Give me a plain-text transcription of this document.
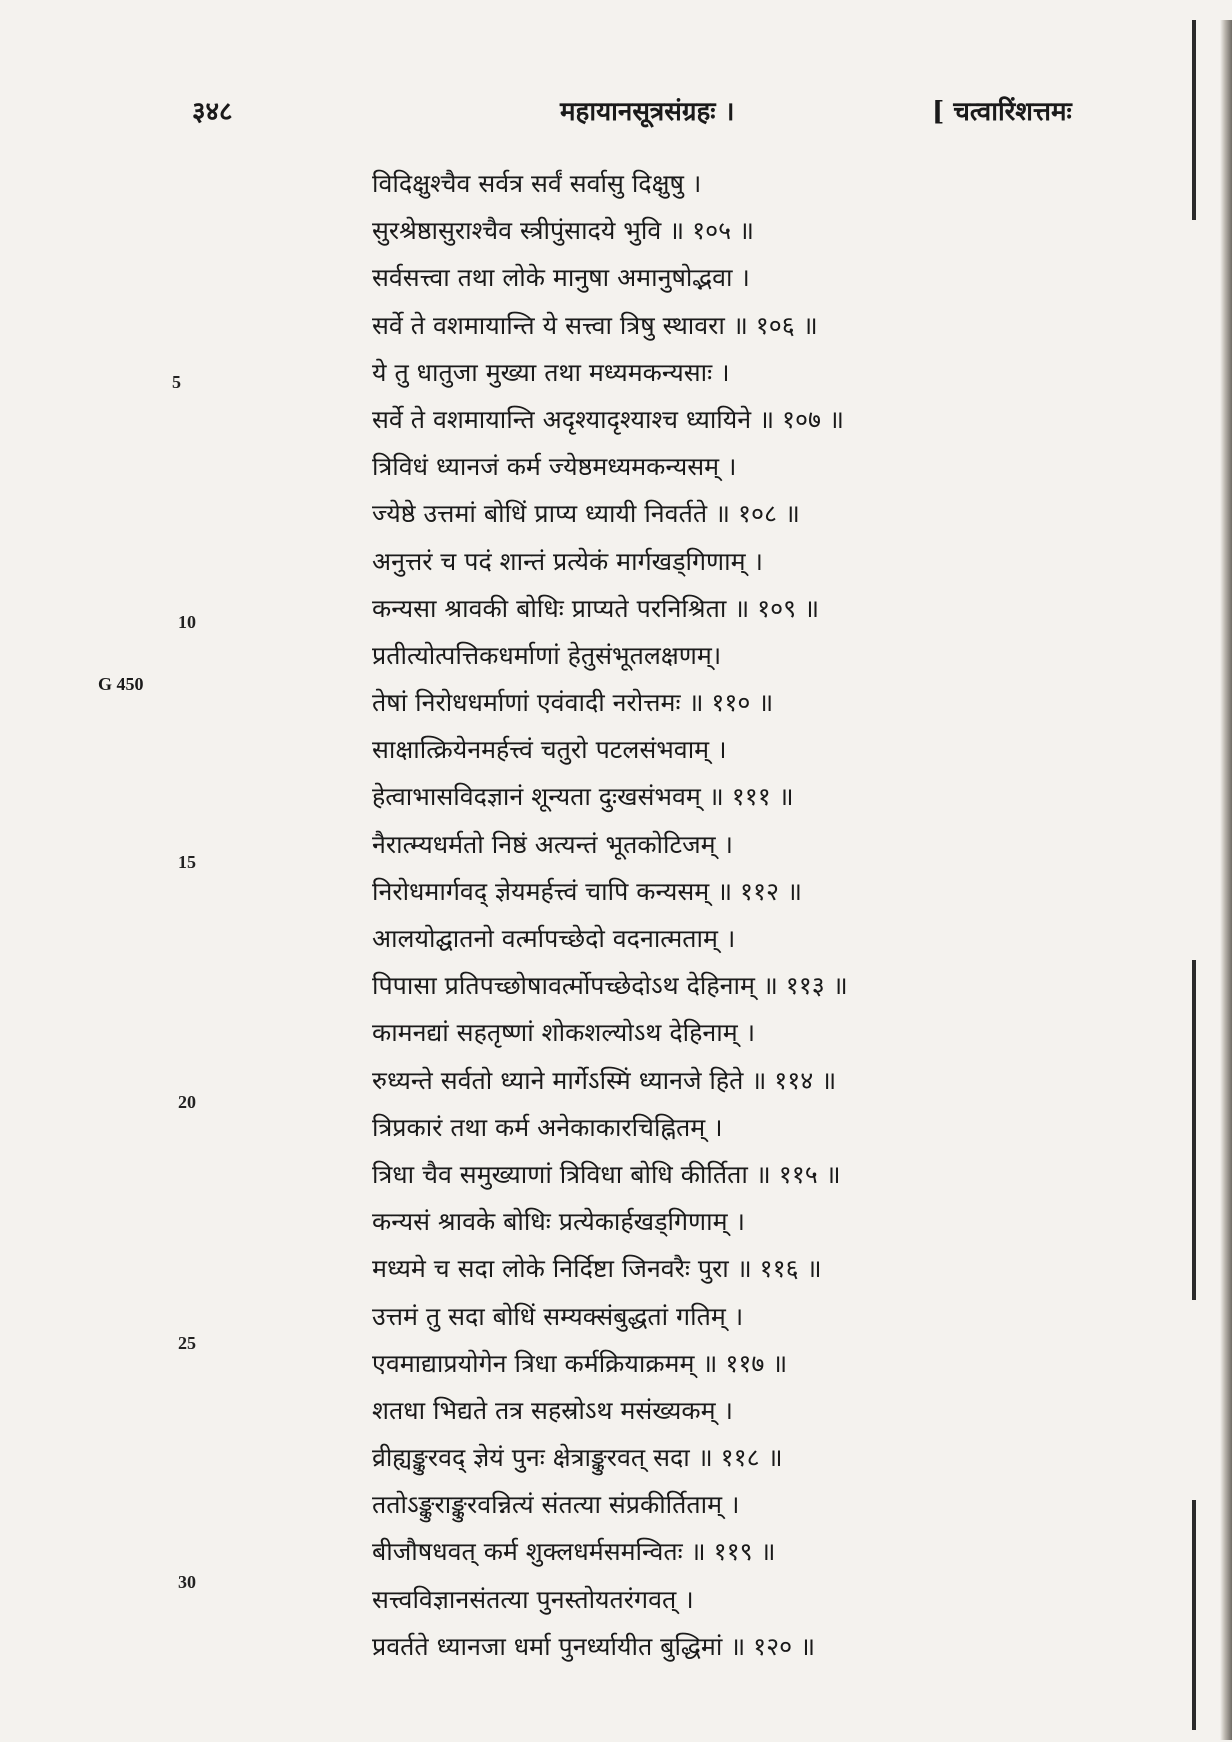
३४८	महायानसूत्रसंग्रहः ।	[ चत्वारिंशत्तमः
विदिक्षुश्चैव सर्वत्र सर्वं सर्वासु दिक्षुषु ।
सुरश्रेष्ठासुराश्चैव स्त्रीपुंसादये भुवि ॥ १०५ ॥
सर्वसत्त्वा तथा लोके मानुषा अमानुषोद्भवा ।
सर्वे ते वशमायान्ति ये सत्त्वा त्रिषु स्थावरा ॥ १०६ ॥
ये तु धातुजा मुख्या तथा मध्यमकन्यसाः ।
सर्वे ते वशमायान्ति अदृश्यादृश्याश्च ध्यायिने ॥ १०७ ॥
त्रिविधं ध्यानजं कर्म ज्येष्ठमध्यमकन्यसम् ।
ज्येष्ठे उत्तमां बोधिं प्राप्य ध्यायी निवर्तते ॥ १०८ ॥
अनुत्तरं च पदं शान्तं प्रत्येकं मार्गखड्गिणाम् ।
कन्यसा श्रावकी बोधिः प्राप्यते परनिश्रिता ॥ १०९ ॥
प्रतीत्योत्पत्तिकधर्माणां हेतुसंभूतलक्षणम्।
तेषां निरोधधर्माणां एवंवादी नरोत्तमः ॥ ११० ॥
साक्षात्क्रियेनमर्हत्त्वं चतुरो पटलसंभवाम् ।
हेत्वाभासविदज्ञानं शून्यता दुःखसंभवम् ॥ १११ ॥
नैरात्म्यधर्मतो निष्ठं अत्यन्तं भूतकोटिजम् ।
निरोधमार्गवद् ज्ञेयमर्हत्त्वं चापि कन्यसम् ॥ ११२ ॥
आलयोद्घातनो वर्त्मापच्छेदो वदनात्मताम् ।
पिपासा प्रतिपच्छोषावर्त्मोपच्छेदोऽथ देहिनाम् ॥ ११३ ॥
कामनद्यां सहतृष्णां शोकशल्योऽथ देहिनाम् ।
रुध्यन्ते सर्वतो ध्याने मार्गेऽस्मिं ध्यानजे हिते ॥ ११४ ॥
त्रिप्रकारं तथा कर्म अनेकाकारचिह्नितम् ।
त्रिधा चैव समुख्याणां त्रिविधा बोधि कीर्तिता ॥ ११५ ॥
कन्यसं श्रावके बोधिः प्रत्येकार्हखड्गिणाम् ।
मध्यमे च सदा लोके निर्दिष्टा जिनवरैः पुरा ॥ ११६ ॥
उत्तमं तु सदा बोधिं सम्यक्संबुद्धतां गतिम् ।
एवमाद्याप्रयोगेन त्रिधा कर्मक्रियाक्रमम् ॥ ११७ ॥
शतधा भिद्यते तत्र सहस्रोऽथ मसंख्यकम् ।
व्रीह्यङ्कुरवद् ज्ञेयं पुनः क्षेत्राङ्कुरवत् सदा ॥ ११८ ॥
ततोऽङ्कुराङ्कुरवन्नित्यं संतत्या संप्रकीर्तिताम् ।
बीजौषधवत् कर्म शुक्लधर्मसमन्वितः ॥ ११९ ॥
सत्त्वविज्ञानसंतत्या पुनस्तोयतरंगवत् ।
प्रवर्तते ध्यानजा धर्मा पुनर्ध्यायीत बुद्धिमां ॥ १२० ॥
5
10
15
20
25
30
G 450
